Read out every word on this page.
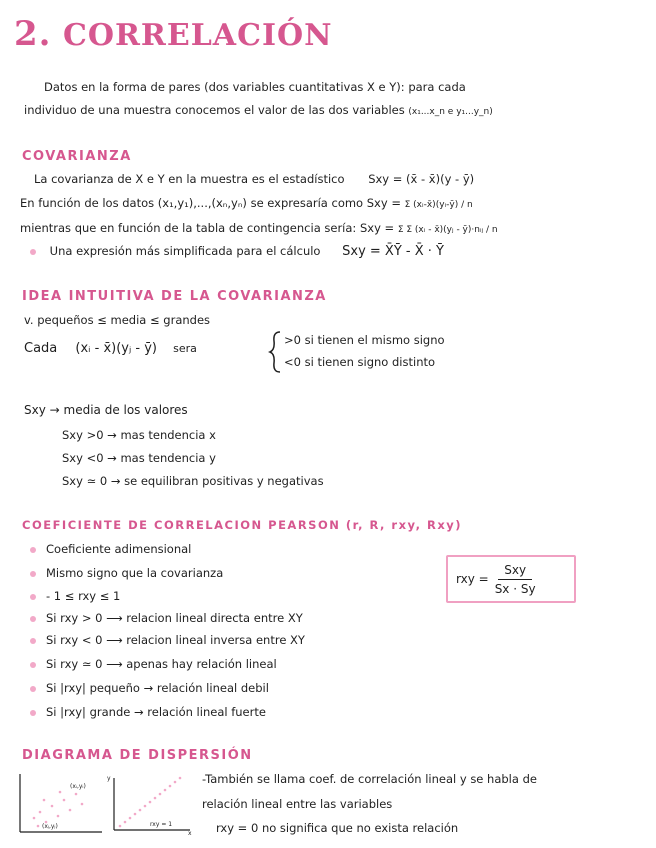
2. CORRELACIÓN
Datos en la forma de pares (dos variables cuantitativas X e Y): para cada
individuo de una muestra conocemos el valor de las dos variables (x₁...x_n e y₁...y_n)
COVARIANZA
La covarianza de X e Y en la muestra es el estadístico Sxy = (x̄ - x̄)(y - ȳ)
En función de los datos (x₁,y₁),...,(xₙ,yₙ) se expresaría como Sxy = Σ (xᵢ-x̄)(yᵢ-ȳ) / n
mientras que en función de la tabla de contingencia sería: Sxy = Σ Σ (xᵢ - x̄)(yⱼ - ȳ)·nᵢⱼ / n
Una expresión más simplificada para el cálculo Sxy = X̄Ȳ - X̄ · Ȳ
IDEA INTUITIVA DE LA COVARIANZA
v. pequeños ≤ media ≤ grandes
Cada (xᵢ - x̄)(yⱼ - ȳ) sera
>0 si tienen el mismo signo
<0 si tienen signo distinto
Sxy → media de los valores
Sxy >0 → mas tendencia x
Sxy <0 → mas tendencia y
Sxy ≃ 0 → se equilibran positivas y negativas
COEFICIENTE DE CORRELACION PEARSON (r, R, rxy, Rxy)
Coeficiente adimensional
Mismo signo que la covarianza
- 1 ≤ rxy ≤ 1
Si rxy > 0 ⟶ relacion lineal directa entre XY
Si rxy < 0 ⟶ relacion lineal inversa entre XY
Si rxy ≃ 0 ⟶ apenas hay relación lineal
Si |rxy| pequeño → relación lineal debil
Si |rxy| grande → relación lineal fuerte
rxy = $\frac{\text{Sxy}}{Sx \cdot Sy}$
DIAGRAMA DE DISPERSIÓN
(xᵢ,yᵢ)
(xⱼ,yⱼ)
y
x
rxy = 1
-También se llama coef. de correlación lineal y se habla de
relación lineal entre las variables
rxy = 0 no significa que no exista relación
